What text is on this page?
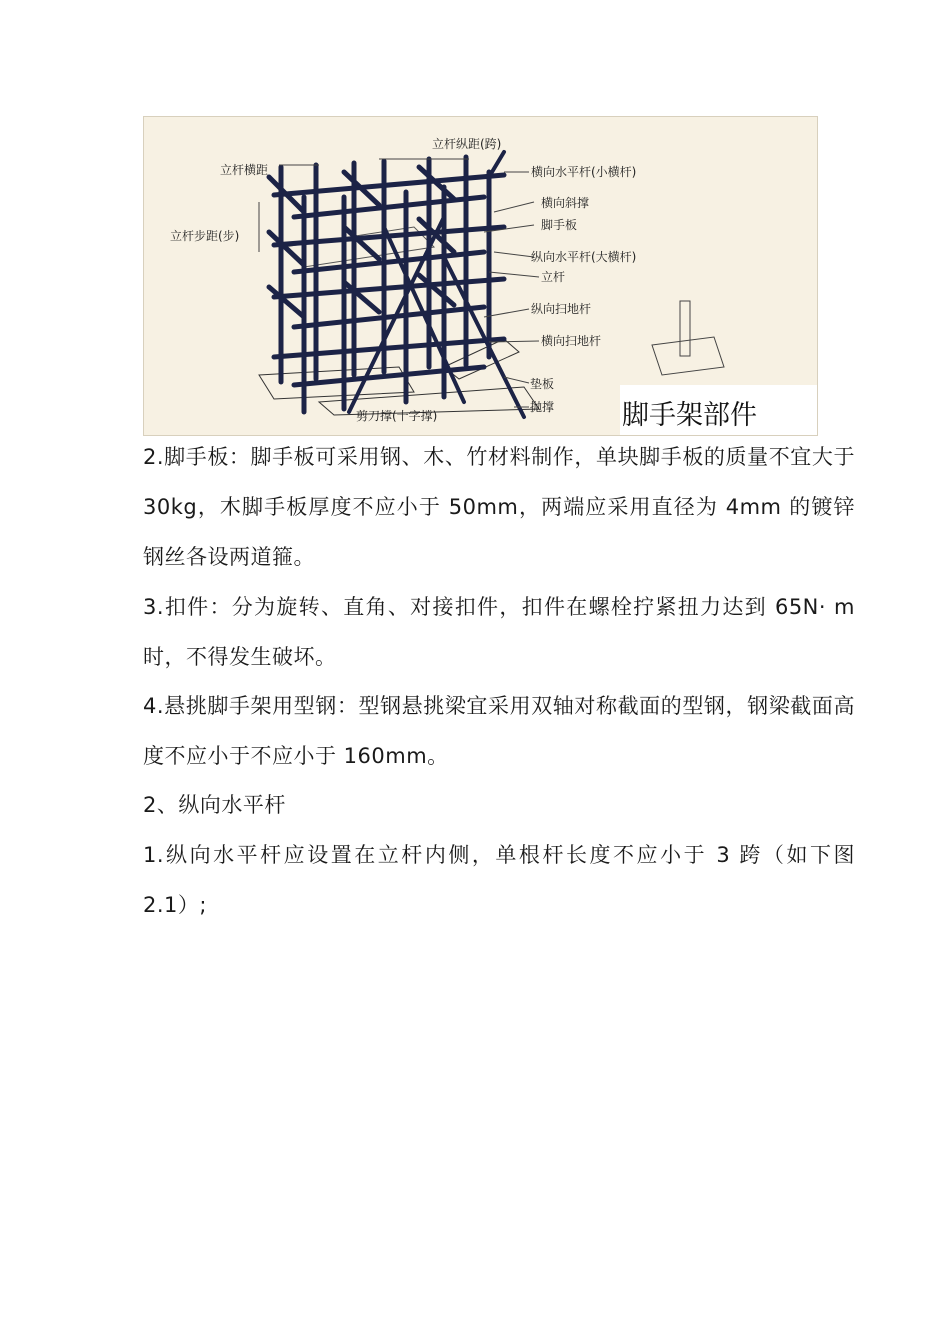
立杆横距
立杆纵距(跨)
立杆步距(步)
横向水平杆(小横杆)
横向斜撑
脚手板
纵向水平杆(大横杆)
立杆
纵向扫地杆
横向扫地杆
垫板
抛撑
剪刀撑(十字撑)	脚手架部件

2.脚手板：脚手板可采用钢、木、竹材料制作，单块脚手板的质量不宜大于 30kg，木脚手板厚度不应小于 50mm，两端应采用直径为 4mm 的镀锌钢丝各设两道箍。

3.扣件：分为旋转、直角、对接扣件，扣件在螺栓拧紧扭力达到 65N· m 时，不得发生破坏。

4.悬挑脚手架用型钢：型钢悬挑梁宜采用双轴对称截面的型钢，钢梁截面高度不应小于不应小于 160mm。

2、纵向水平杆

1.纵向水平杆应设置在立杆内侧，单根杆长度不应小于 3 跨（如下图 2.1）;
